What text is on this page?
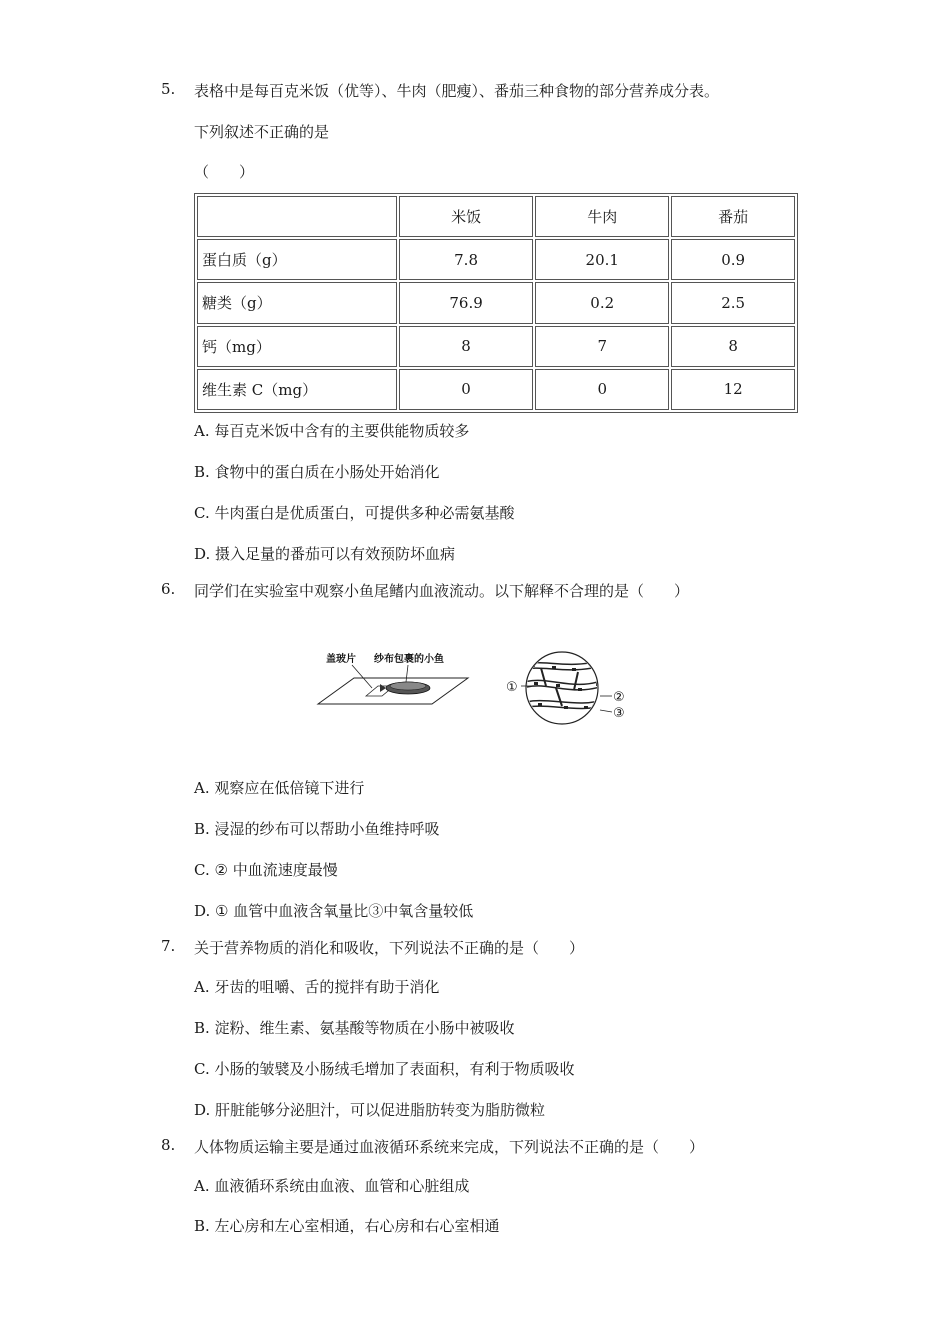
5. 表格中是每百克米饭（优等）、牛肉（肥瘦）、番茄三种食物的部分营养成分表。
下列叙述不正确的是
（　　）
	米饭	牛肉	番茄
蛋白质（g）	7.8	20.1	0.9
糖类（g）	76.9	0.2	2.5
钙（mg）	8	7	8
维生素 C（mg）	0	0	12
A. 每百克米饭中含有的主要供能物质较多
B. 食物中的蛋白质在小肠处开始消化
C. 牛肉蛋白是优质蛋白，可提供多种必需氨基酸
D. 摄入足量的番茄可以有效预防坏血病
6. 同学们在实验室中观察小鱼尾鳍内血液流动。以下解释不合理的是（　　）
盖玻片 纱布包裹的小鱼
①
②
③
A. 观察应在低倍镜下进行
B. 浸湿的纱布可以帮助小鱼维持呼吸
C. ② 中血流速度最慢
D. ① 血管中血液含氧量比③中氧含量较低
7. 关于营养物质的消化和吸收，下列说法不正确的是（　　）
A. 牙齿的咀嚼、舌的搅拌有助于消化
B. 淀粉、维生素、氨基酸等物质在小肠中被吸收
C. 小肠的皱襞及小肠绒毛增加了表面积，有利于物质吸收
D. 肝脏能够分泌胆汁，可以促进脂肪转变为脂肪微粒
8. 人体物质运输主要是通过血液循环系统来完成，下列说法不正确的是（　　）
A. 血液循环系统由血液、血管和心脏组成
B. 左心房和左心室相通，右心房和右心室相通
